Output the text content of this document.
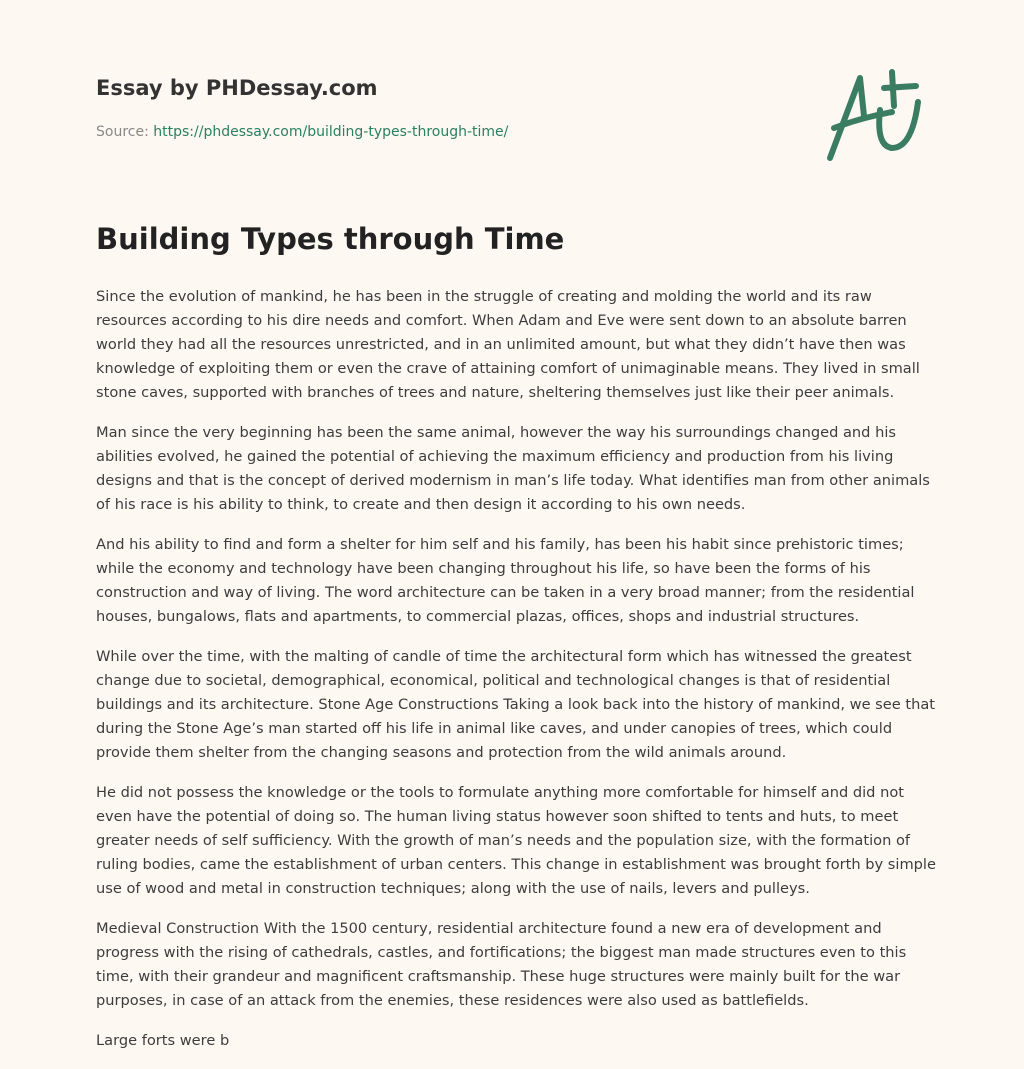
Essay by PHDessay.com
Source: https://phdessay.com/building-types-through-time/
Building Types through Time

Since the evolution of mankind, he has been in the struggle of creating and molding the world and its raw resources according to his dire needs and comfort. When Adam and Eve were sent down to an absolute barren world they had all the resources unrestricted, and in an unlimited amount, but what they didn’t have then was knowledge of exploiting them or even the crave of attaining comfort of unimaginable means. They lived in small stone caves, supported with branches of trees and nature, sheltering themselves just like their peer animals.

Man since the very beginning has been the same animal, however the way his surroundings changed and his abilities evolved, he gained the potential of achieving the maximum efficiency and production from his living designs and that is the concept of derived modernism in man’s life today. What identifies man from other animals of his race is his ability to think, to create and then design it according to his own needs.

And his ability to find and form a shelter for him self and his family, has been his habit since prehistoric times; while the economy and technology have been changing throughout his life, so have been the forms of his construction and way of living. The word architecture can be taken in a very broad manner; from the residential houses, bungalows, flats and apartments, to commercial plazas, offices, shops and industrial structures.

While over the time, with the malting of candle of time the architectural form which has witnessed the greatest change due to societal, demographical, economical, political and technological changes is that of residential buildings and its architecture. Stone Age Constructions Taking a look back into the history of mankind, we see that during the Stone Age’s man started off his life in animal like caves, and under canopies of trees, which could provide them shelter from the changing seasons and protection from the wild animals around.

He did not possess the knowledge or the tools to formulate anything more comfortable for himself and did not even have the potential of doing so. The human living status however soon shifted to tents and huts, to meet greater needs of self sufficiency. With the growth of man’s needs and the population size, with the formation of ruling bodies, came the establishment of urban centers. This change in establishment was brought forth by simple use of wood and metal in construction techniques; along with the use of nails, levers and pulleys.

Medieval Construction With the 1500 century, residential architecture found a new era of development and progress with the rising of cathedrals, castles, and fortifications; the biggest man made structures even to this time, with their grandeur and magnificent craftsmanship. These huge structures were mainly built for the war purposes, in case of an attack from the enemies, these residences were also used as battlefields.

Large forts were b
